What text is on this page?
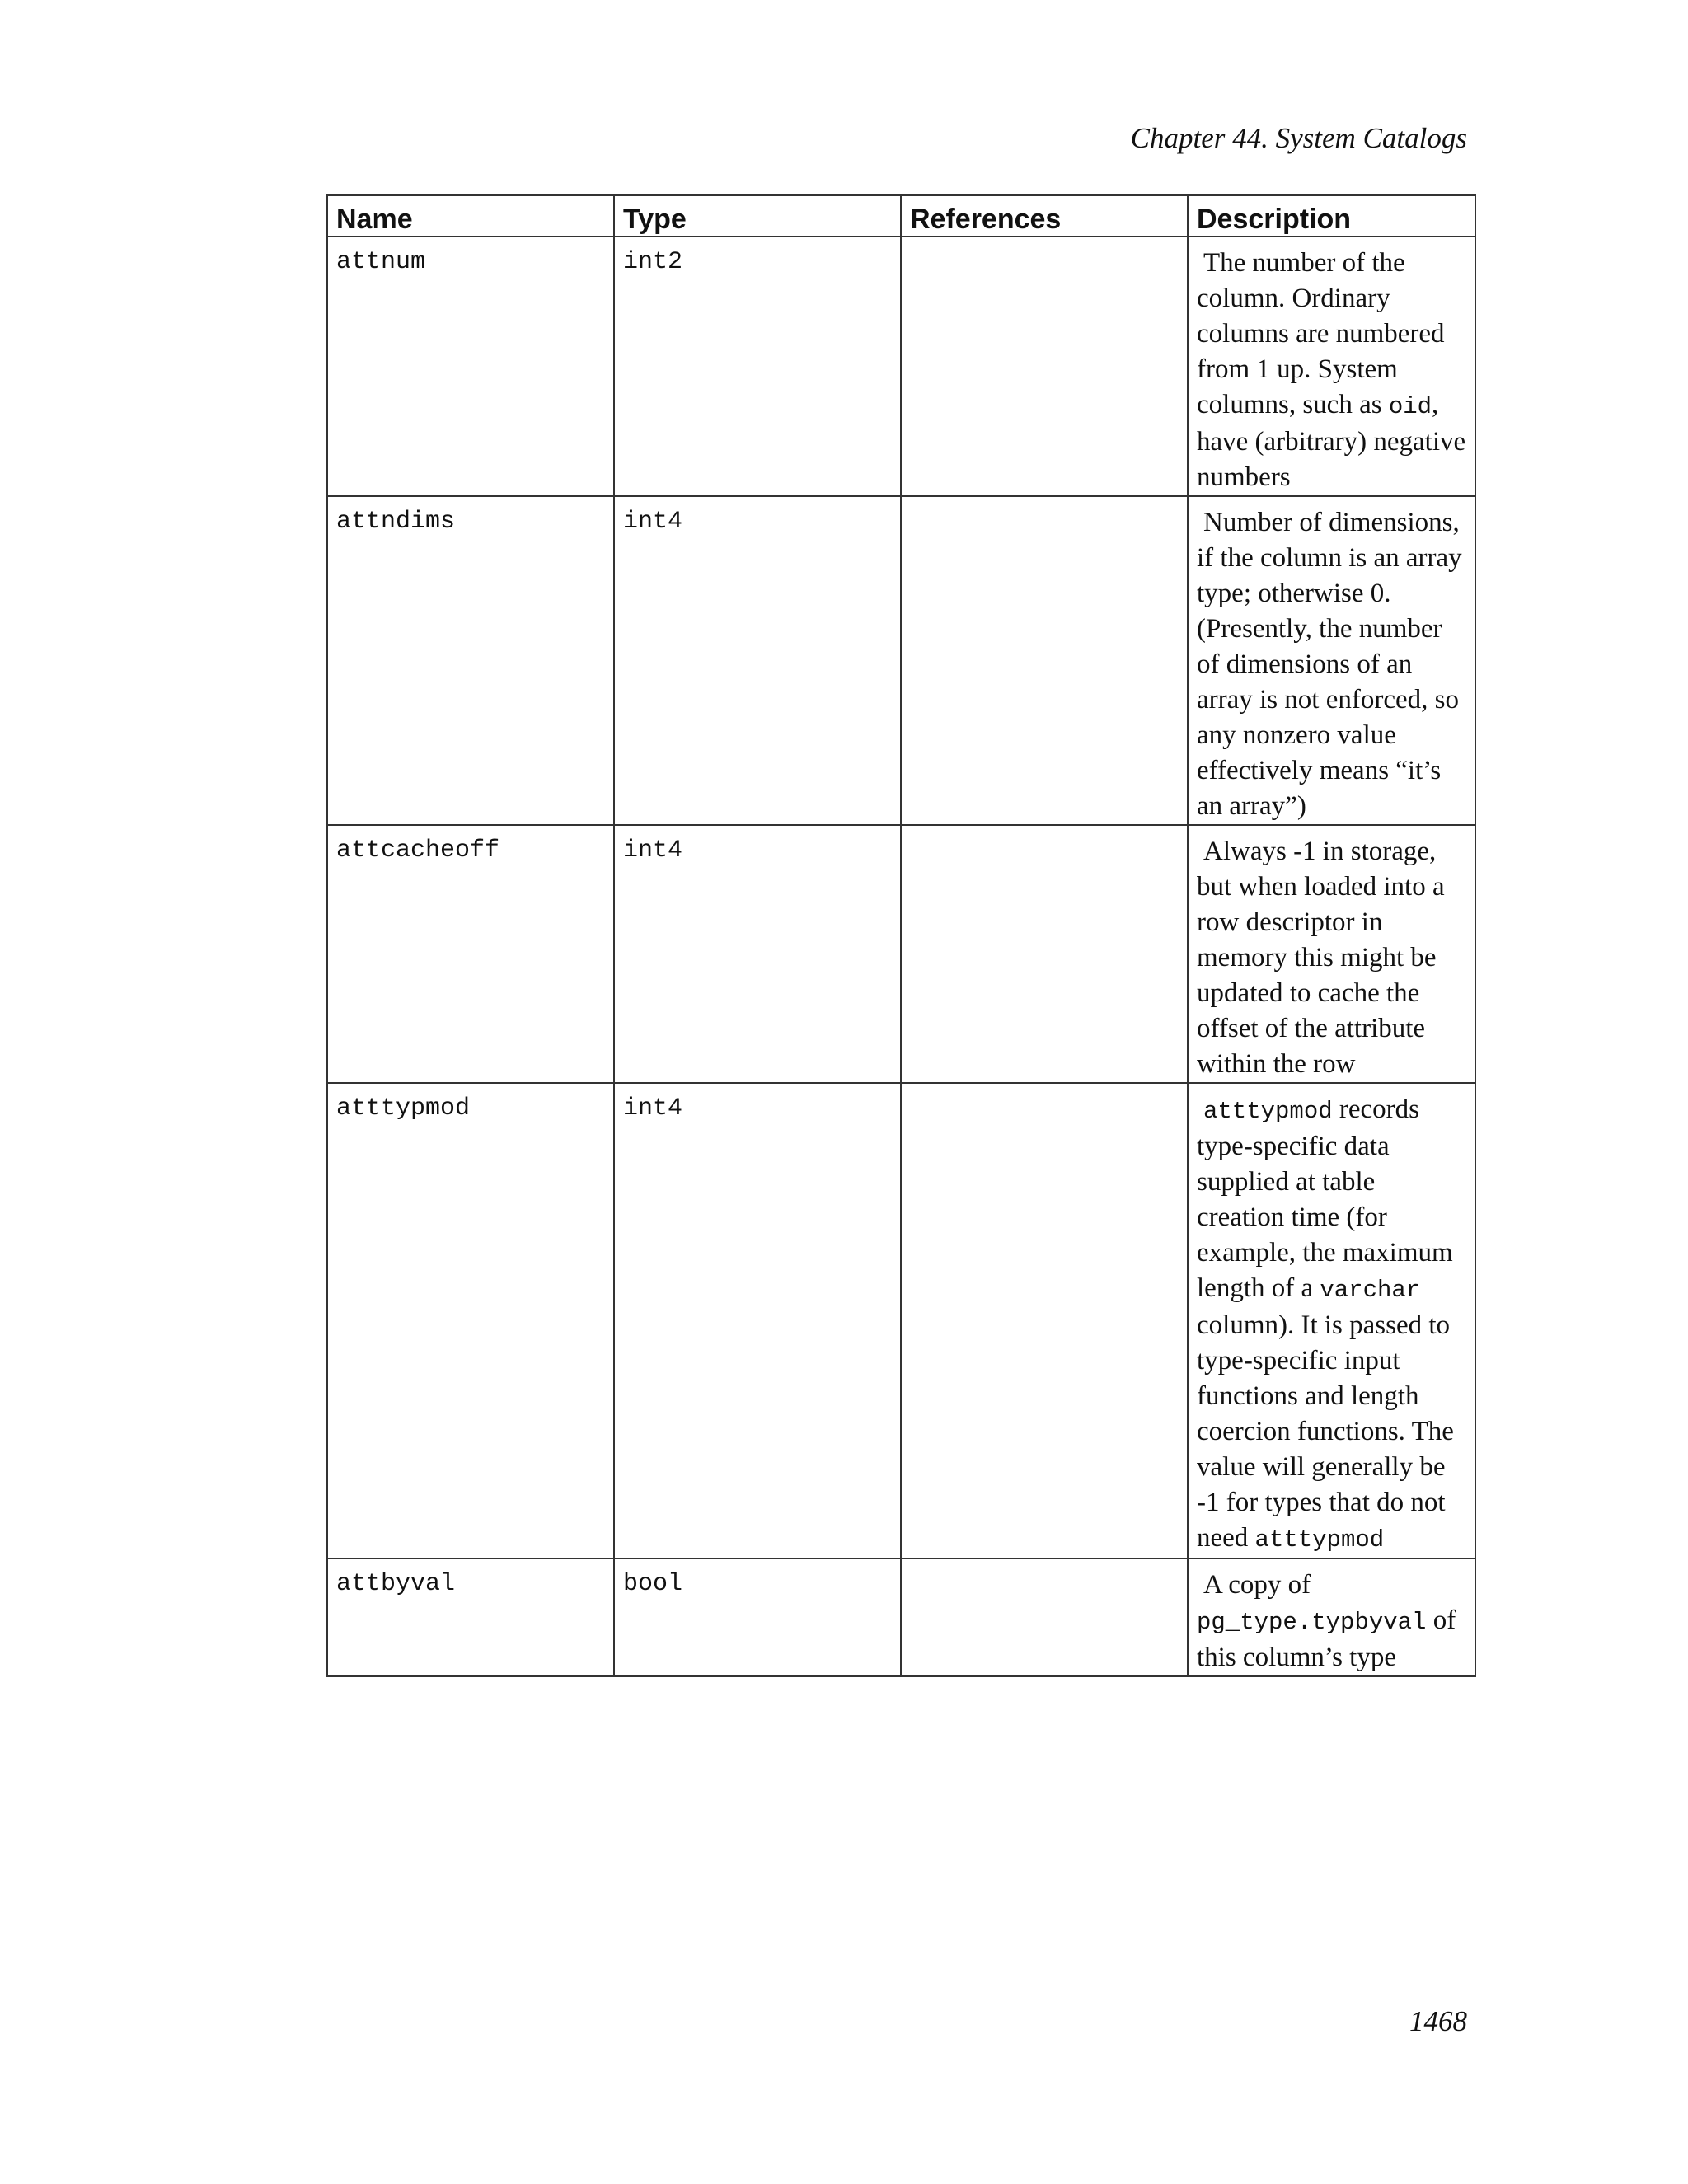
Chapter 44. System Catalogs
Name	Type	References	Description
attnum	int2		The number of the column. Ordinary columns are numbered from 1 up. System columns, such as oid, have (arbitrary) negative numbers
attndims	int4		Number of dimensions, if the column is an array type; otherwise 0. (Presently, the number of dimensions of an array is not enforced, so any nonzero value effectively means “it’s an array”)
attcacheoff	int4		Always -1 in storage, but when loaded into a row descriptor in memory this might be updated to cache the offset of the attribute within the row
atttypmod	int4		atttypmod records type-specific data supplied at table creation time (for example, the maximum length of a varchar column). It is passed to type-specific input functions and length coercion functions. The value will generally be -1 for types that do not need atttypmod
attbyval	bool		A copy of pg_type.typbyval of this column’s type
1468
